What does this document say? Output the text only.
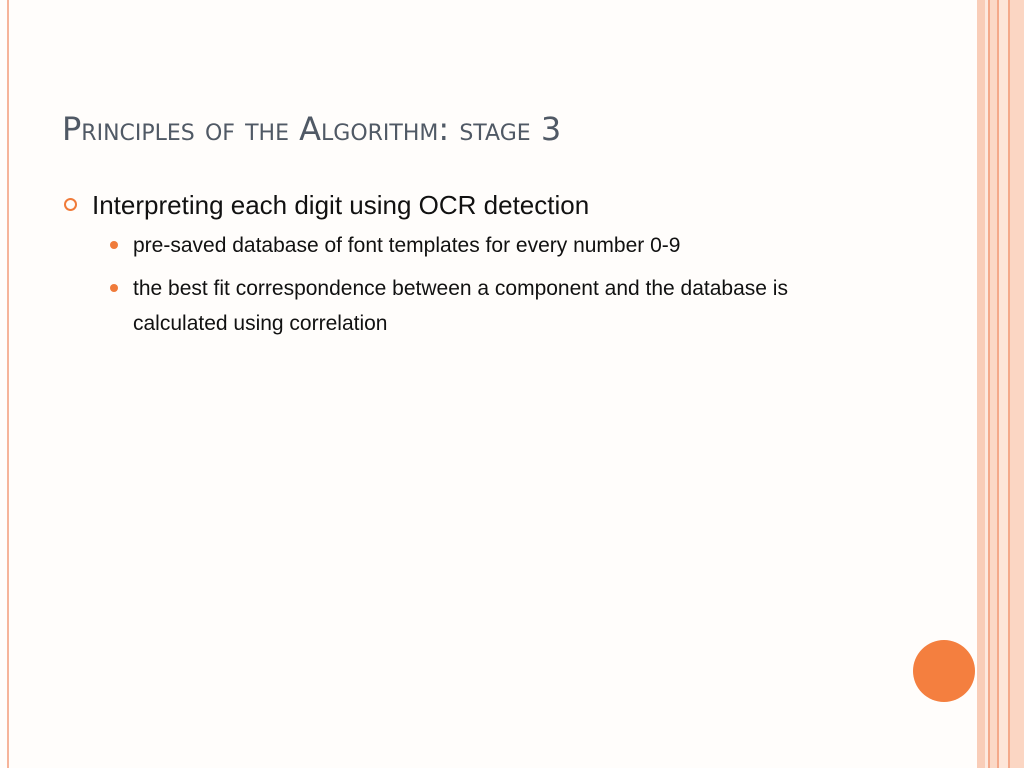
Principles of the Algorithm: stage 3

Interpreting each digit using OCR detection

pre-saved database of font templates for every number 0-9
the best fit correspondence between a component and the database is calculated using correlation
